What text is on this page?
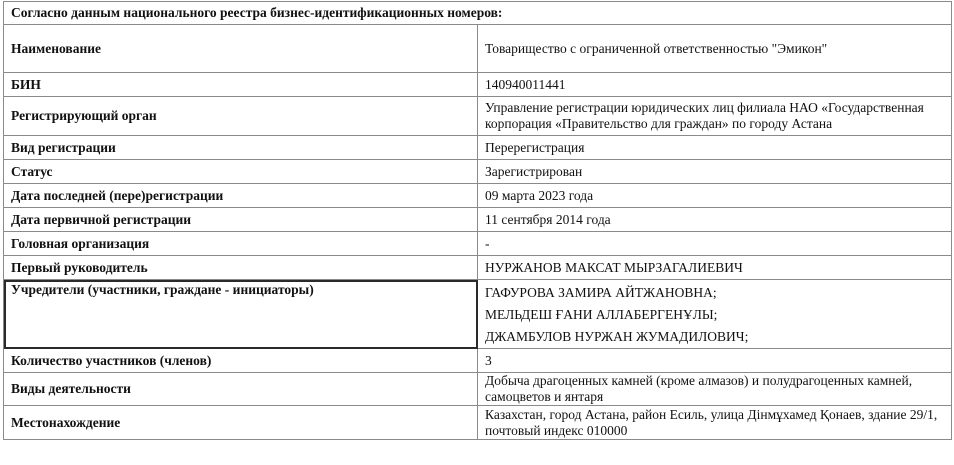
Согласно данным национального реестра бизнес-идентификационных номеров:	
Наименование	Товарищество с ограниченной ответственностью "Эмикон"
БИН	140940011441
Регистрирующий орган	Управление регистрации юридических лиц филиала НАО «Государственная корпорация «Правительство для граждан» по городу Астана
Вид регистрации	Перерегистрация
Статус	Зарегистрирован
Дата последней (пере)регистрации	09 марта 2023 года
Дата первичной регистрации	11 сентября 2014 года
Головная организация	-
Первый руководитель	НУРЖАНОВ МАКСАТ МЫРЗАГАЛИЕВИЧ
Учредители (участники, граждане - инициаторы)	ГАФУРОВА ЗАМИРА АЙТЖАНОВНА;
МЕЛЬДЕШ ҒАНИ АЛЛАБЕРГЕНҰЛЫ;
ДЖАМБУЛОВ НУРЖАН ЖУМАДИЛОВИЧ;

Количество участников (членов)	3
Виды деятельности	Добыча драгоценных камней (кроме алмазов) и полудрагоценных камней, самоцветов и янтаря
Местонахождение	Казахстан, город Астана, район Есиль, улица Дінмұхамед Қонаев, здание 29/1, почтовый индекс 010000
